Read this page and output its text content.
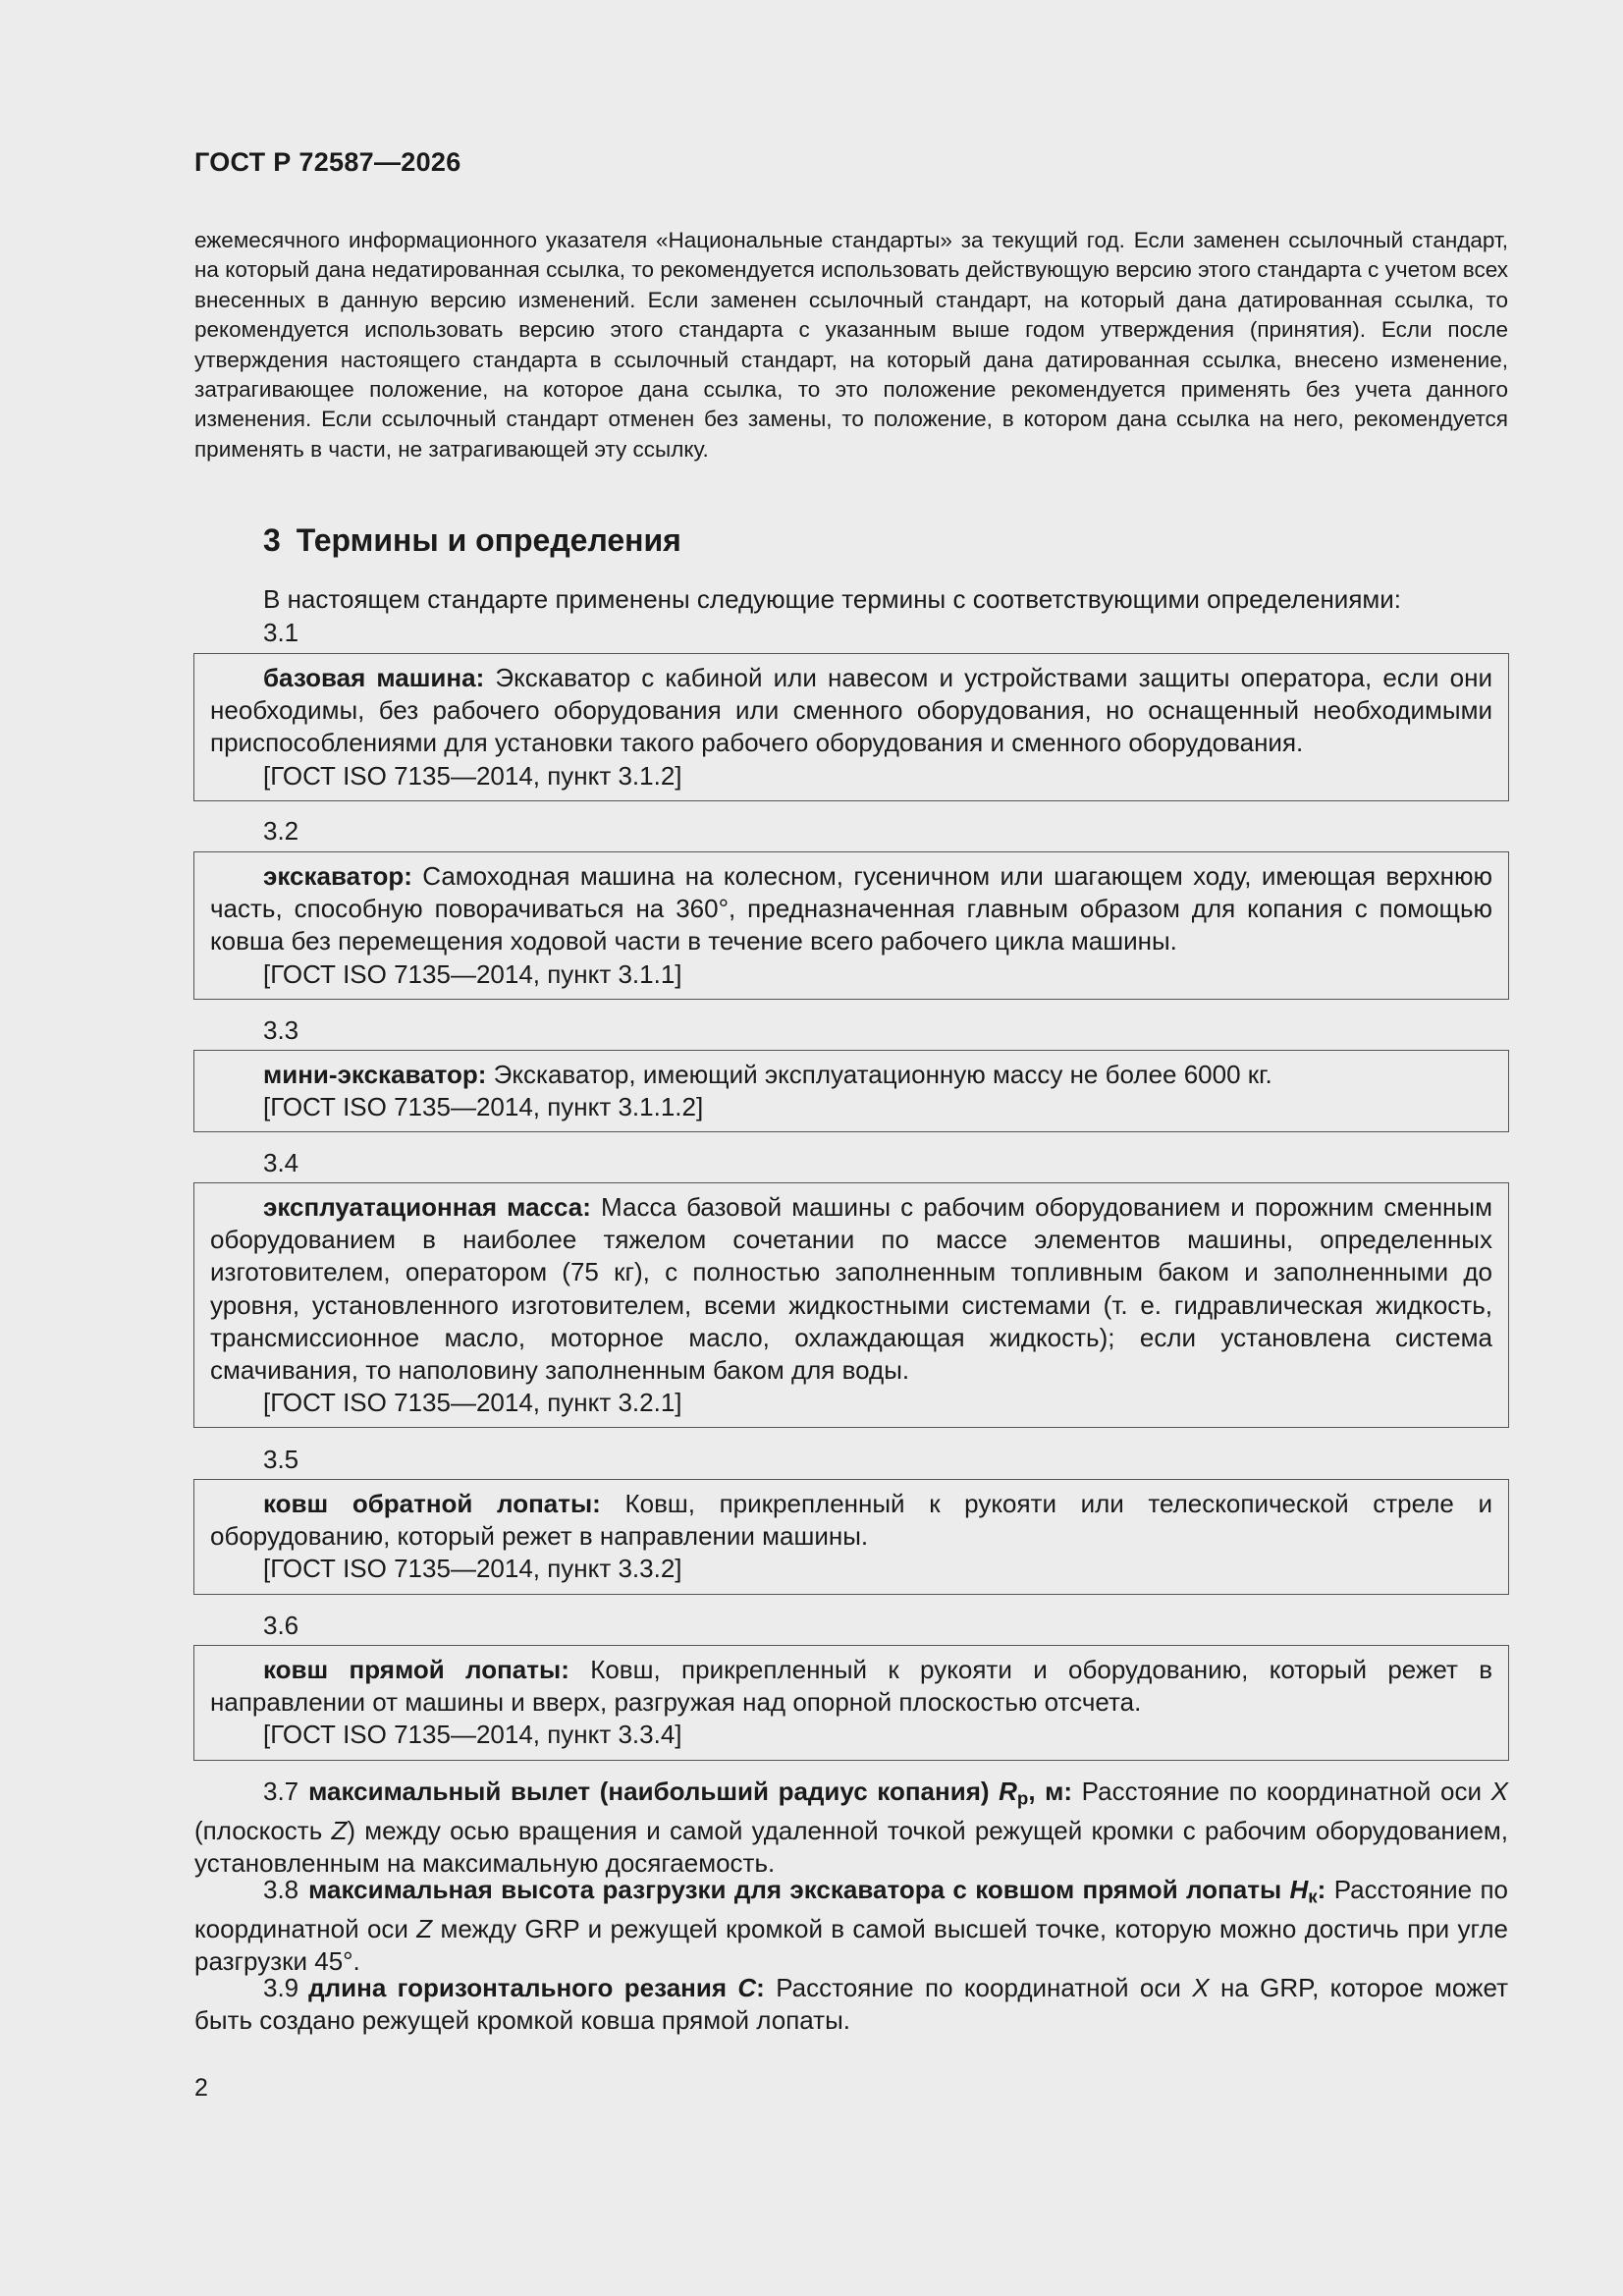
ГОСТ Р 72587—2026
ежемесячного информационного указателя «Национальные стандарты» за текущий год. Если заменен ссылочный стандарт, на который дана недатированная ссылка, то рекомендуется использовать действующую версию этого стандарта с учетом всех внесенных в данную версию изменений. Если заменен ссылочный стандарт, на который дана датированная ссылка, то рекомендуется использовать версию этого стандарта с указанным выше годом утверждения (принятия). Если после утверждения настоящего стандарта в ссылочный стандарт, на который дана датированная ссылка, внесено изменение, затрагивающее положение, на которое дана ссылка, то это положение рекомендуется применять без учета данного изменения. Если ссылочный стандарт отменен без замены, то положение, в котором дана ссылка на него, рекомендуется применять в части, не затрагивающей эту ссылку.
3 Термины и определения
В настоящем стандарте применены следующие термины с соответствующими определениями:
3.1

базовая машина: Экскаватор с кабиной или навесом и устройствами защиты оператора, если они необходимы, без рабочего оборудования или сменного оборудования, но оснащенный необходимыми приспособлениями для установки такого рабочего оборудования и сменного оборудования.

[ГОСТ ISO 7135—2014, пункт 3.1.2]

3.2

экскаватор: Самоходная машина на колесном, гусеничном или шагающем ходу, имеющая верхнюю часть, способную поворачиваться на 360°, предназначенная главным образом для копания с помощью ковша без перемещения ходовой части в течение всего рабочего цикла машины.

[ГОСТ ISO 7135—2014, пункт 3.1.1]

3.3

мини-экскаватор: Экскаватор, имеющий эксплуатационную массу не более 6000 кг.

[ГОСТ ISO 7135—2014, пункт 3.1.1.2]

3.4

эксплуатационная масса: Масса базовой машины с рабочим оборудованием и порожним сменным оборудованием в наиболее тяжелом сочетании по массе элементов машины, определенных изготовителем, оператором (75 кг), с полностью заполненным топливным баком и заполненными до уровня, установленного изготовителем, всеми жидкостными системами (т. е. гидравлическая жидкость, трансмиссионное масло, моторное масло, охлаждающая жидкость); если установлена система смачивания, то наполовину заполненным баком для воды.

[ГОСТ ISO 7135—2014, пункт 3.2.1]

3.5

ковш обратной лопаты: Ковш, прикрепленный к рукояти или телескопической стреле и оборудованию, который режет в направлении машины.

[ГОСТ ISO 7135—2014, пункт 3.3.2]

3.6

ковш прямой лопаты: Ковш, прикрепленный к рукояти и оборудованию, который режет в направлении от машины и вверх, разгружая над опорной плоскостью отсчета.

[ГОСТ ISO 7135—2014, пункт 3.3.4]

3.7 максимальный вылет (наибольший радиус копания) $R_р$, м: Расстояние по координатной оси X (плоскость Z) между осью вращения и самой удаленной точкой режущей кромки с рабочим оборудованием, установленным на максимальную досягаемость.

3.8 максимальная высота разгрузки для экскаватора с ковшом прямой лопаты $H_к$: Расстояние по координатной оси Z между GRP и режущей кромкой в самой высшей точке, которую можно достичь при угле разгрузки 45°.

3.9 длина горизонтального резания C: Расстояние по координатной оси X на GRP, которое может быть создано режущей кромкой ковша прямой лопаты.

2
